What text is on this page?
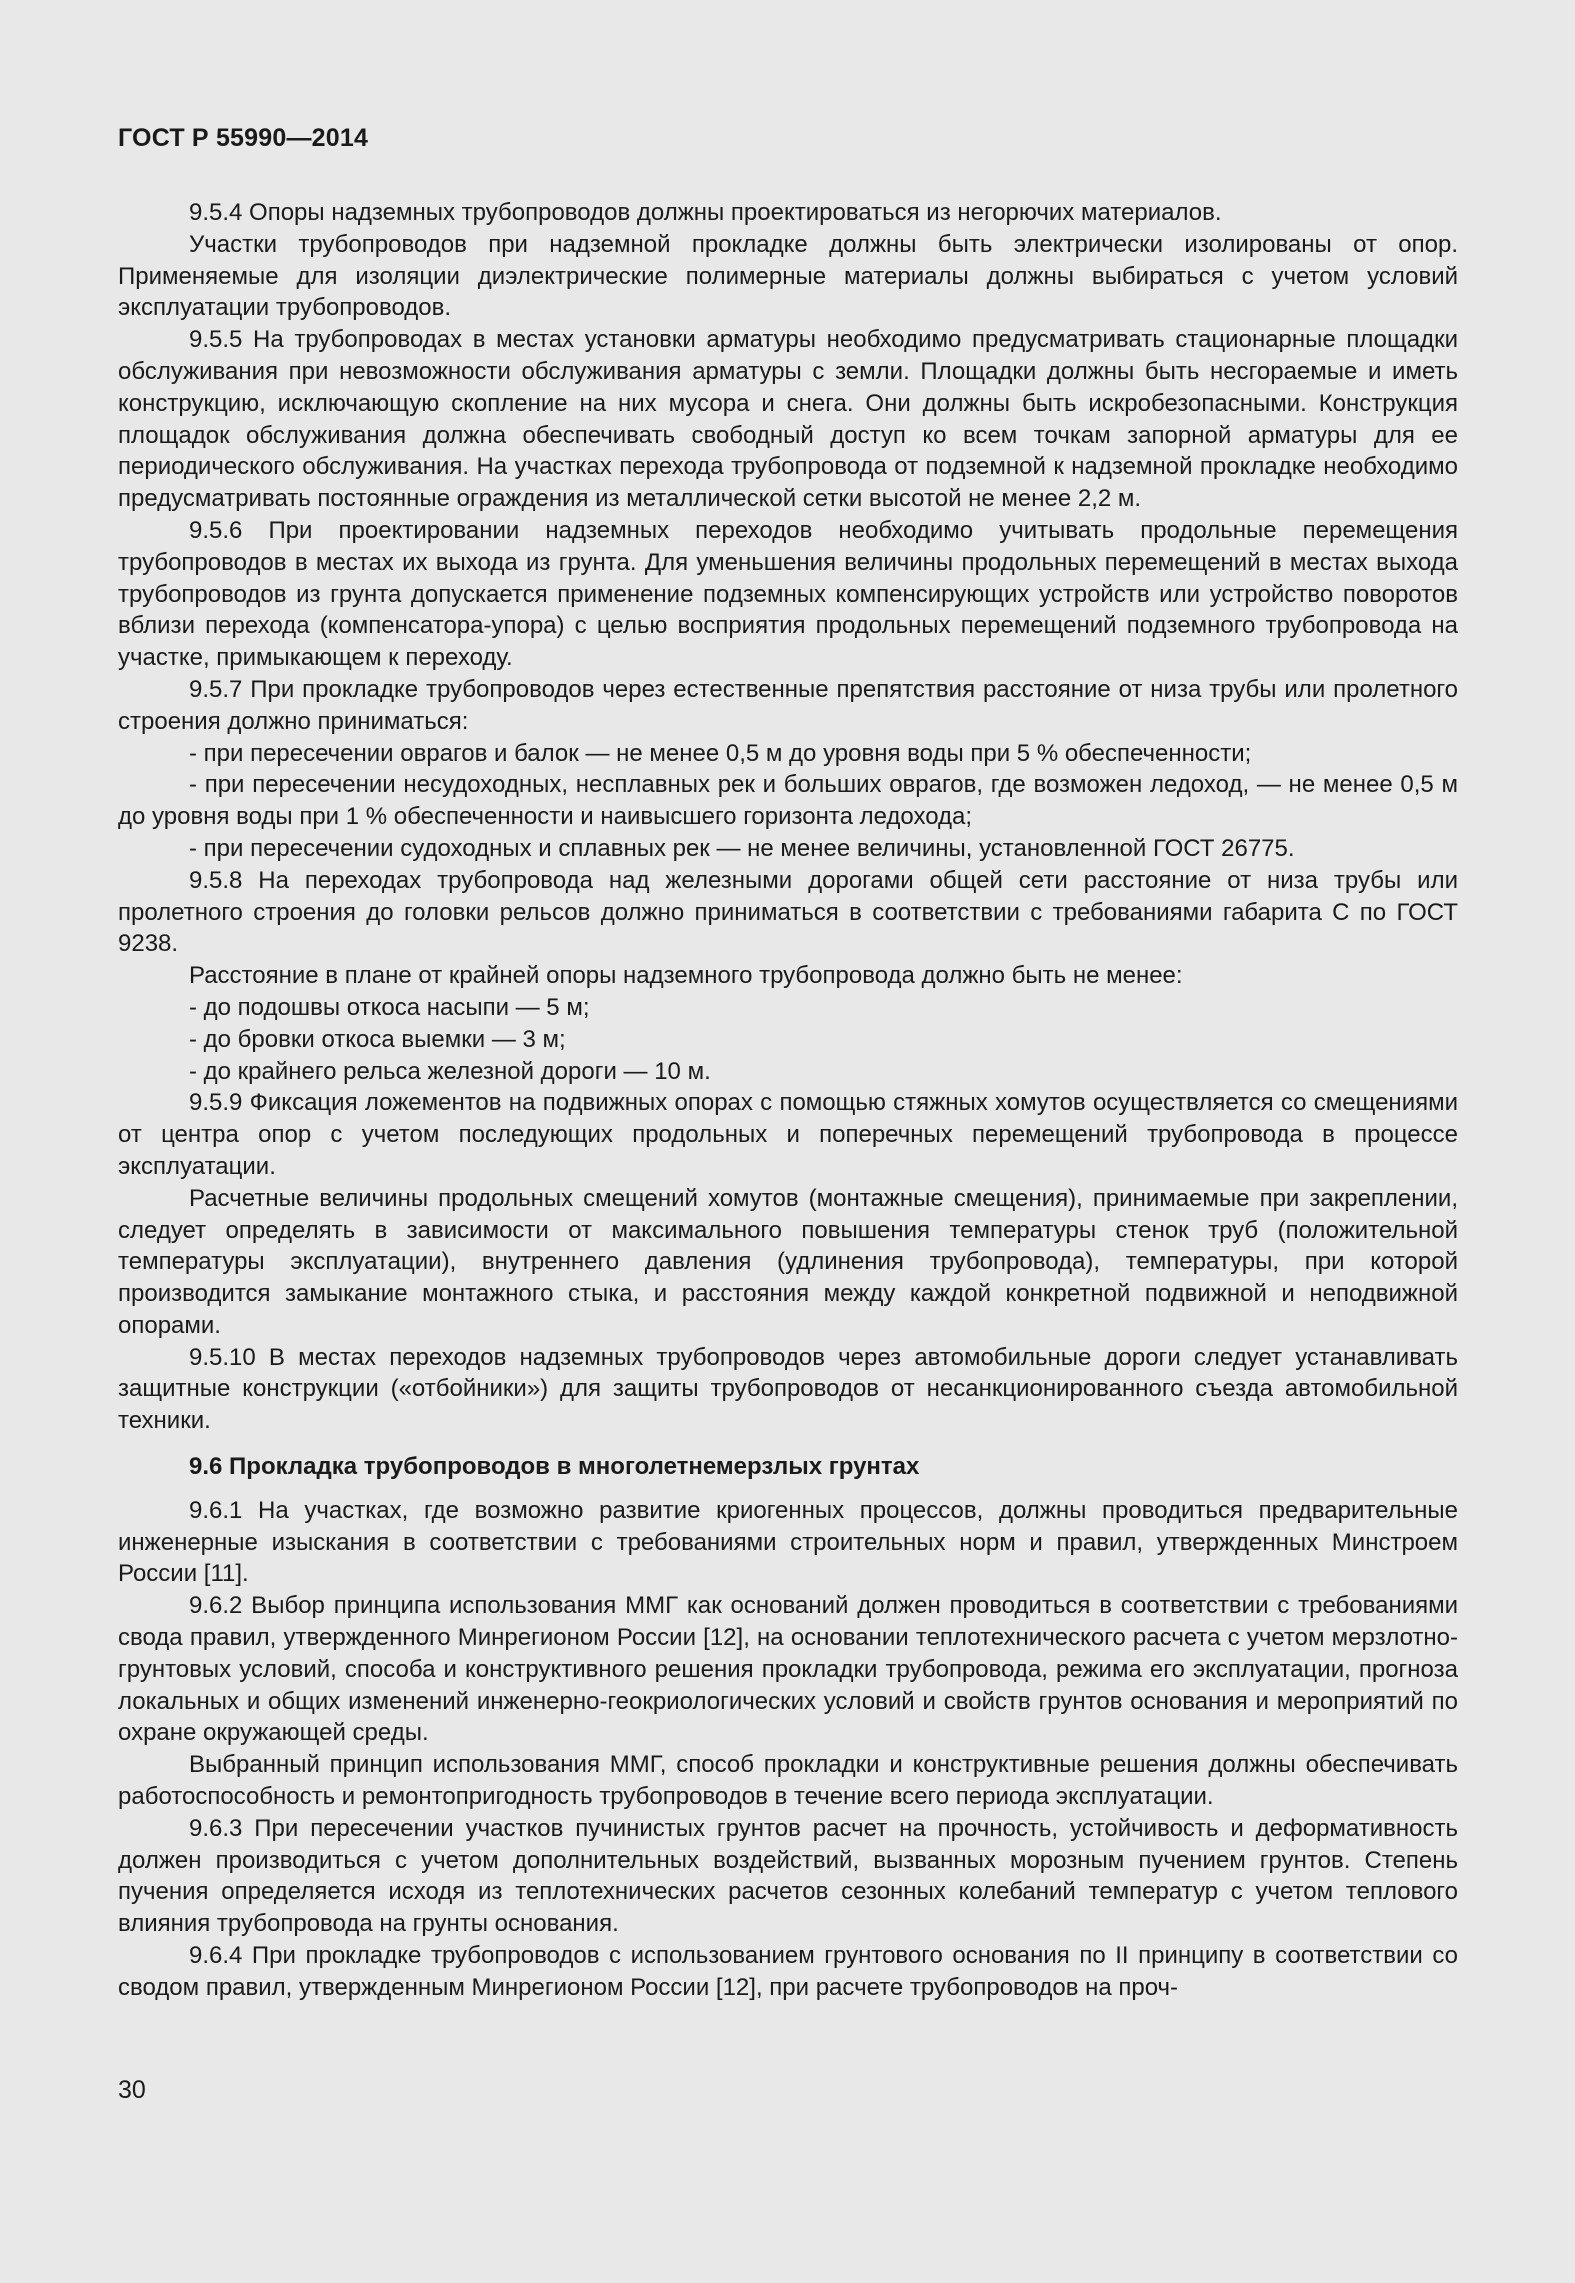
ГОСТ Р 55990—2014

9.5.4 Опоры надземных трубопроводов должны проектироваться из негорючих материалов.

Участки трубопроводов при надземной прокладке должны быть электрически изолированы от опор. Применяемые для изоляции диэлектрические полимерные материалы должны выбираться с учетом условий эксплуатации трубопроводов.

9.5.5 На трубопроводах в местах установки арматуры необходимо предусматривать стационарные площадки обслуживания при невозможности обслуживания арматуры с земли. Площадки должны быть несгораемые и иметь конструкцию, исключающую скопление на них мусора и снега. Они должны быть искробезопасными. Конструкция площадок обслуживания должна обеспечивать свободный доступ ко всем точкам запорной арматуры для ее периодического обслуживания. На участках перехода трубопровода от подземной к надземной прокладке необходимо предусматривать постоянные ограждения из металлической сетки высотой не менее 2,2 м.

9.5.6 При проектировании надземных переходов необходимо учитывать продольные перемещения трубопроводов в местах их выхода из грунта. Для уменьшения величины продольных перемещений в местах выхода трубопроводов из грунта допускается применение подземных компенсирующих устройств или устройство поворотов вблизи перехода (компенсатора-упора) с целью восприятия продольных перемещений подземного трубопровода на участке, примыкающем к переходу.

9.5.7 При прокладке трубопроводов через естественные препятствия расстояние от низа трубы или пролетного строения должно приниматься:

- при пересечении оврагов и балок — не менее 0,5 м до уровня воды при 5 % обеспеченности;

- при пересечении несудоходных, несплавных рек и больших оврагов, где возможен ледоход, — не менее 0,5 м до уровня воды при 1 % обеспеченности и наивысшего горизонта ледохода;

- при пересечении судоходных и сплавных рек — не менее величины, установленной ГОСТ 26775.

9.5.8 На переходах трубопровода над железными дорогами общей сети расстояние от низа трубы или пролетного строения до головки рельсов должно приниматься в соответствии с требованиями габарита С по ГОСТ 9238.

Расстояние в плане от крайней опоры надземного трубопровода должно быть не менее:

- до подошвы откоса насыпи — 5 м;

- до бровки откоса выемки — 3 м;

- до крайнего рельса железной дороги — 10 м.

9.5.9 Фиксация ложементов на подвижных опорах с помощью стяжных хомутов осуществляется со смещениями от центра опор с учетом последующих продольных и поперечных перемещений трубопровода в процессе эксплуатации.

Расчетные величины продольных смещений хомутов (монтажные смещения), принимаемые при закреплении, следует определять в зависимости от максимального повышения температуры стенок труб (положительной температуры эксплуатации), внутреннего давления (удлинения трубопровода), температуры, при которой производится замыкание монтажного стыка, и расстояния между каждой конкретной подвижной и неподвижной опорами.

9.5.10 В местах переходов надземных трубопроводов через автомобильные дороги следует устанавливать защитные конструкции («отбойники») для защиты трубопроводов от несанкционированного съезда автомобильной техники.

9.6 Прокладка трубопроводов в многолетнемерзлых грунтах

9.6.1 На участках, где возможно развитие криогенных процессов, должны проводиться предварительные инженерные изыскания в соответствии с требованиями строительных норм и правил, утвержденных Минстроем России [11].

9.6.2 Выбор принципа использования ММГ как оснований должен проводиться в соответствии с требованиями свода правил, утвержденного Минрегионом России [12], на основании теплотехнического расчета с учетом мерзлотно-грунтовых условий, способа и конструктивного решения прокладки трубопровода, режима его эксплуатации, прогноза локальных и общих изменений инженерно-геокриологических условий и свойств грунтов основания и мероприятий по охране окружающей среды.

Выбранный принцип использования ММГ, способ прокладки и конструктивные решения должны обеспечивать работоспособность и ремонтопригодность трубопроводов в течение всего периода эксплуатации.

9.6.3 При пересечении участков пучинистых грунтов расчет на прочность, устойчивость и деформативность должен производиться с учетом дополнительных воздействий, вызванных морозным пучением грунтов. Степень пучения определяется исходя из теплотехнических расчетов сезонных колебаний температур с учетом теплового влияния трубопровода на грунты основания.

9.6.4 При прокладке трубопроводов с использованием грунтового основания по II принципу в соответствии со сводом правил, утвержденным Минрегионом России [12], при расчете трубопроводов на проч-

30
